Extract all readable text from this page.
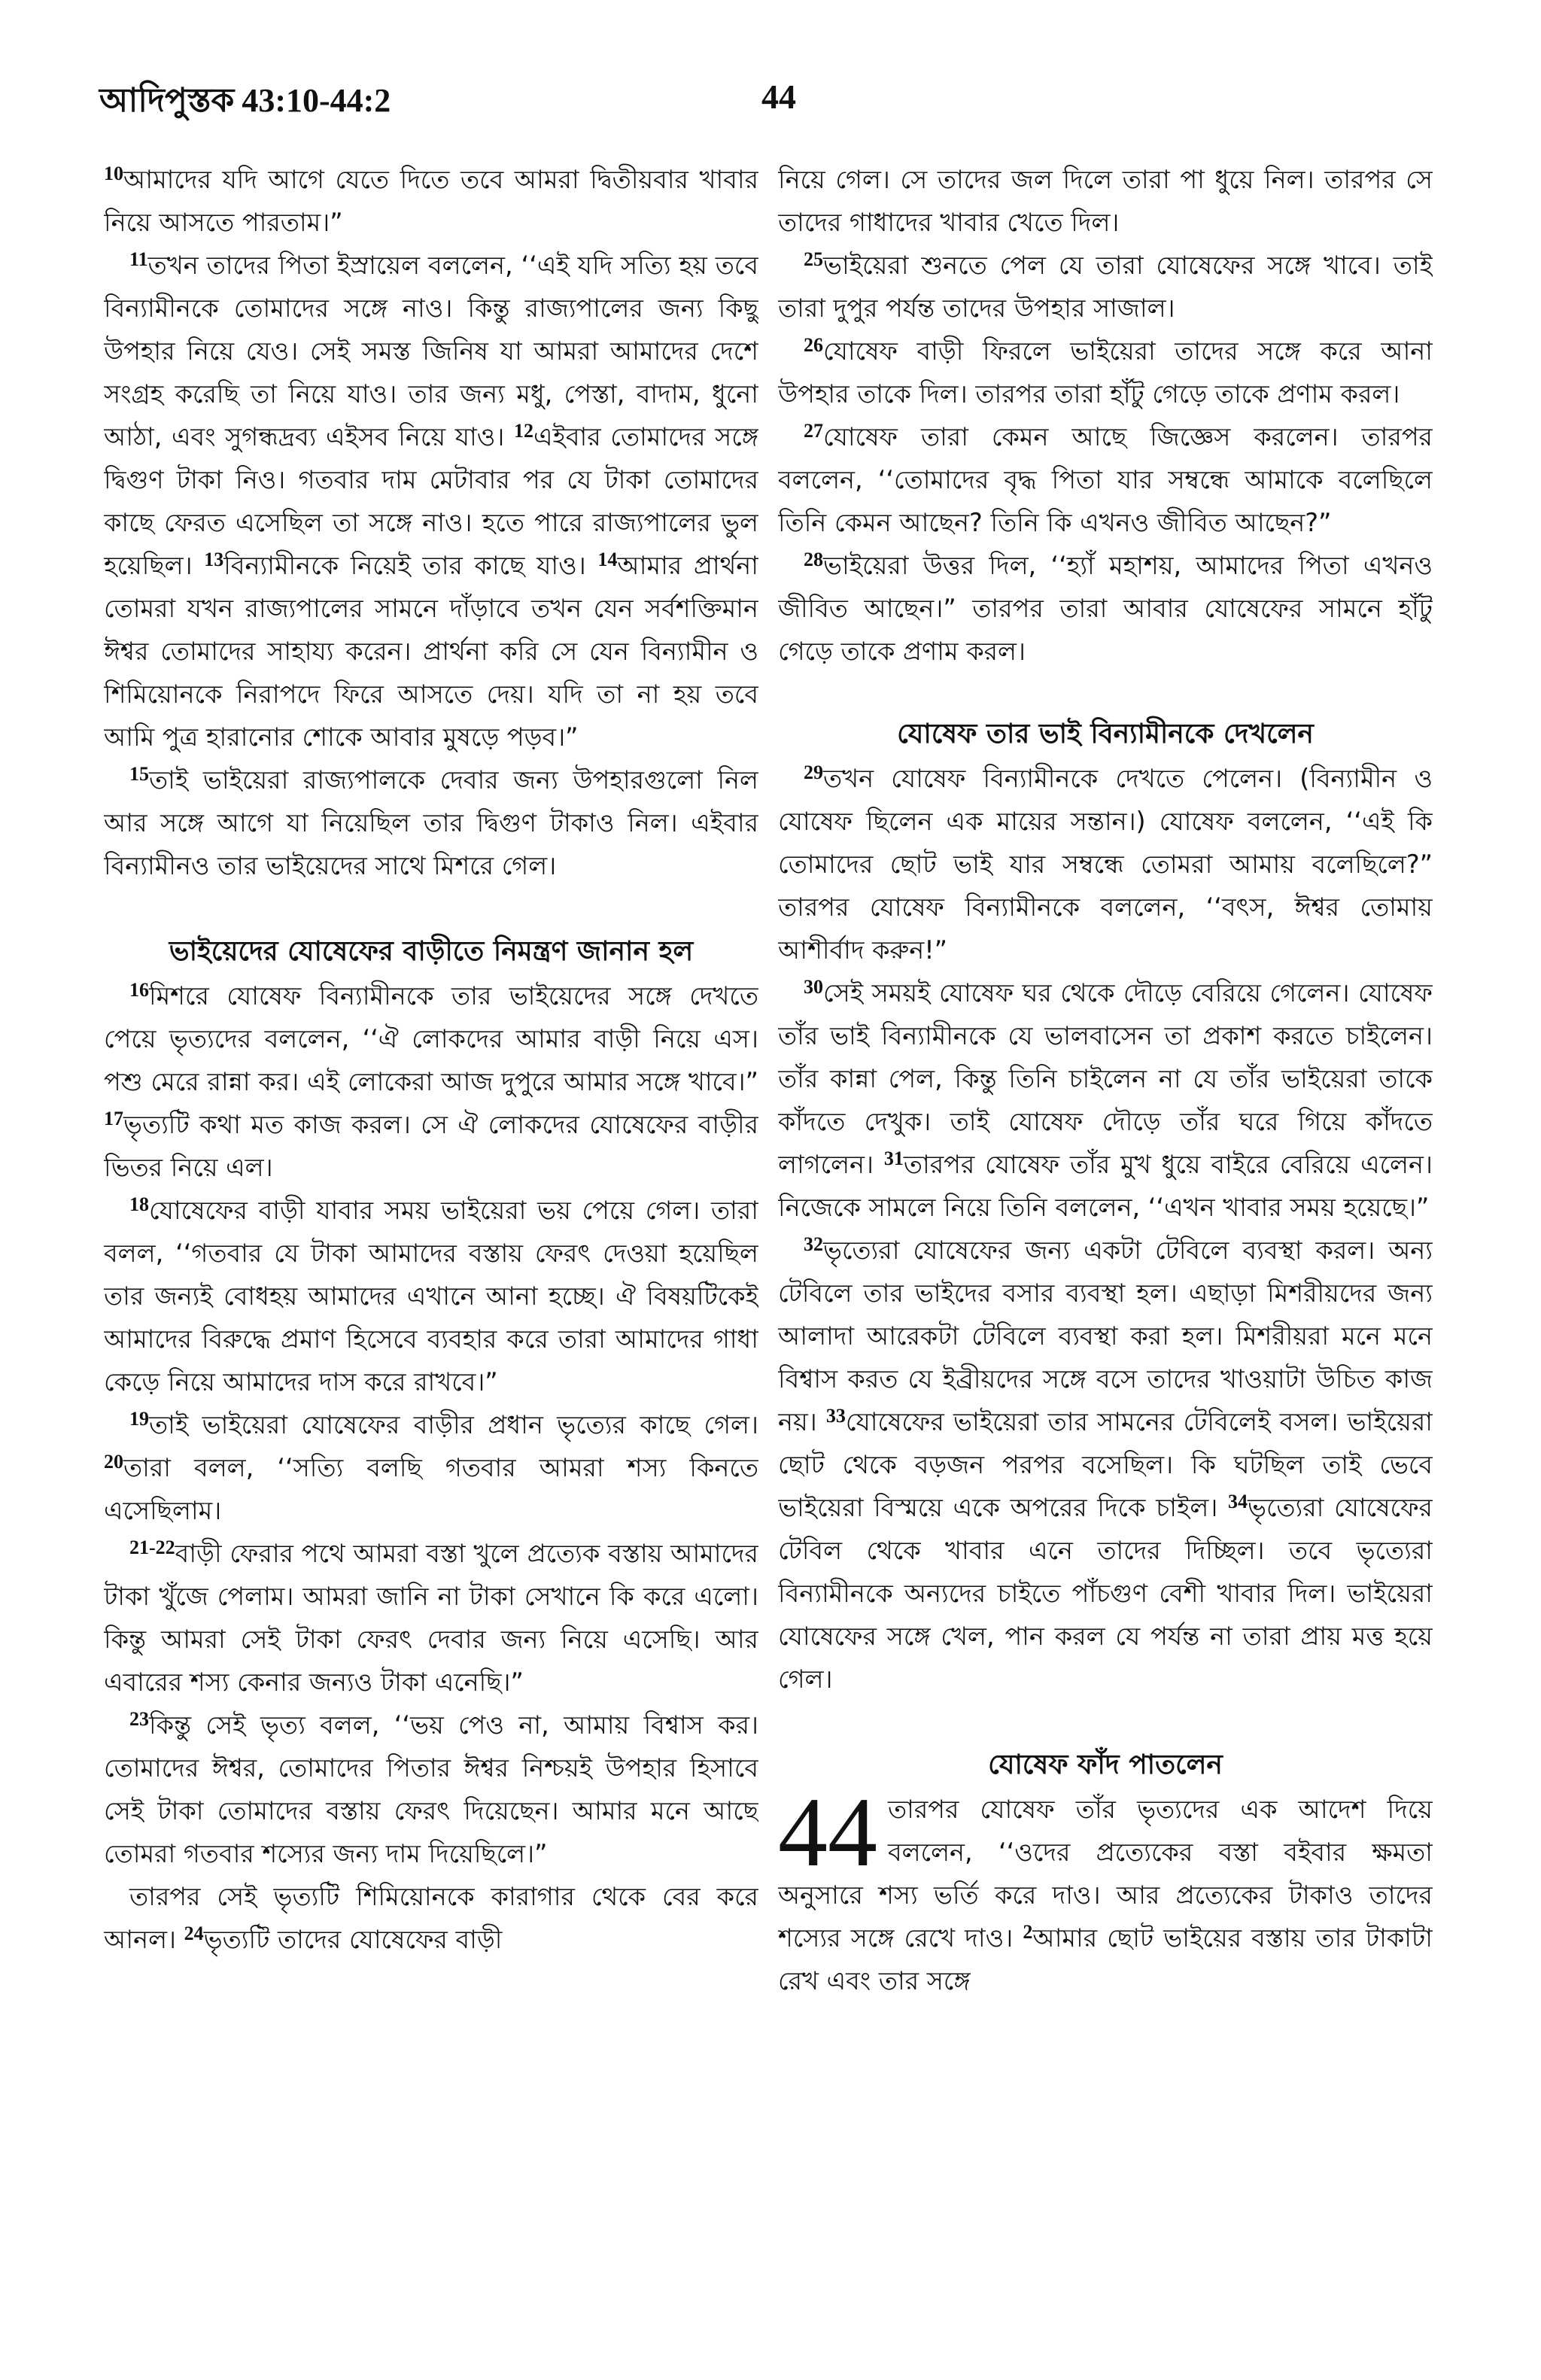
আদিপুস্তক 43:10-44:2	44

$^{10}$আমাদের যদি আগে যেতে দিতে তবে আমরা দ্বিতীয়বার খাবার নিয়ে আসতে পারতাম।”

$^{11}$তখন তাদের পিতা ইস্রায়েল বললেন, ‘‘এই যদি সত্যি হয় তবে বিন্যামীনকে তোমাদের সঙ্গে নাও। কিন্তু রাজ্যপালের জন্য কিছু উপহার নিয়ে যেও। সেই সমস্ত জিনিষ যা আমরা আমাদের দেশে সংগ্রহ করেছি তা নিয়ে যাও। তার জন্য মধু, পেস্তা, বাদাম, ধুনো আঠা, এবং সুগন্ধদ্রব্য এইসব নিয়ে যাও। $^{12}$এইবার তোমাদের সঙ্গে দ্বিগুণ টাকা নিও। গতবার দাম মেটাবার পর যে টাকা তোমাদের কাছে ফেরত এসেছিল তা সঙ্গে নাও। হতে পারে রাজ্যপালের ভুল হয়েছিল। $^{13}$বিন্যামীনকে নিয়েই তার কাছে যাও। $^{14}$আমার প্রার্থনা তোমরা যখন রাজ্যপালের সামনে দাঁড়াবে তখন যেন সর্বশক্তিমান ঈশ্বর তোমাদের সাহায্য করেন। প্রার্থনা করি সে যেন বিন্যামীন ও শিমিয়োনকে নিরাপদে ফিরে আসতে দেয়। যদি তা না হয় তবে আমি পুত্র হারানোর শোকে আবার মুষড়ে পড়ব।”

$^{15}$তাই ভাইয়েরা রাজ্যপালকে দেবার জন্য উপহারগুলো নিল আর সঙ্গে আগে যা নিয়েছিল তার দ্বিগুণ টাকাও নিল। এইবার বিন্যামীনও তার ভাইয়েদের সাথে মিশরে গেল।

ভাইয়েদের যোষেফের বাড়ীতে নিমন্ত্রণ জানান হল

$^{16}$মিশরে যোষেফ বিন্যামীনকে তার ভাইয়েদের সঙ্গে দেখতে পেয়ে ভৃত্যদের বললেন, ‘‘ঐ লোকদের আমার বাড়ী নিয়ে এস। পশু মেরে রান্না কর। এই লোকেরা আজ দুপুরে আমার সঙ্গে খাবে।” $^{17}$ভৃত্যটি কথা মত কাজ করল। সে ঐ লোকদের যোষেফের বাড়ীর ভিতর নিয়ে এল।

$^{18}$যোষেফের বাড়ী যাবার সময় ভাইয়েরা ভয় পেয়ে গেল। তারা বলল, ‘‘গতবার যে টাকা আমাদের বস্তায় ফেরৎ দেওয়া হয়েছিল তার জন্যই বোধহয় আমাদের এখানে আনা হচ্ছে। ঐ বিষয়টিকেই আমাদের বিরুদ্ধে প্রমাণ হিসেবে ব্যবহার করে তারা আমাদের গাধা কেড়ে নিয়ে আমাদের দাস করে রাখবে।”

$^{19}$তাই ভাইয়েরা যোষেফের বাড়ীর প্রধান ভৃত্যের কাছে গেল। $^{20}$তারা বলল, ‘‘সত্যি বলছি গতবার আমরা শস্য কিনতে এসেছিলাম।

$^{21-22}$বাড়ী ফেরার পথে আমরা বস্তা খুলে প্রত্যেক বস্তায় আমাদের টাকা খুঁজে পেলাম। আমরা জানি না টাকা সেখানে কি করে এলো। কিন্তু আমরা সেই টাকা ফেরৎ দেবার জন্য নিয়ে এসেছি। আর এবারের শস্য কেনার জন্যও টাকা এনেছি।”

$^{23}$কিন্তু সেই ভৃত্য বলল, ‘‘ভয় পেও না, আমায় বিশ্বাস কর। তোমাদের ঈশ্বর, তোমাদের পিতার ঈশ্বর নিশ্চয়ই উপহার হিসাবে সেই টাকা তোমাদের বস্তায় ফেরৎ দিয়েছেন। আমার মনে আছে তোমরা গতবার শস্যের জন্য দাম দিয়েছিলে।”

তারপর সেই ভৃত্যটি শিমিয়োনকে কারাগার থেকে বের করে আনল। $^{24}$ভৃত্যটি তাদের যোষেফের বাড়ী

নিয়ে গেল। সে তাদের জল দিলে তারা পা ধুয়ে নিল। তারপর সে তাদের গাধাদের খাবার খেতে দিল।

$^{25}$ভাইয়েরা শুনতে পেল যে তারা যোষেফের সঙ্গে খাবে। তাই তারা দুপুর পর্যন্ত তাদের উপহার সাজাল।

$^{26}$যোষেফ বাড়ী ফিরলে ভাইয়েরা তাদের সঙ্গে করে আনা উপহার তাকে দিল। তারপর তারা হাঁটু গেড়ে তাকে প্রণাম করল।

$^{27}$যোষেফ তারা কেমন আছে জিজ্ঞেস করলেন। তারপর বললেন, ‘‘তোমাদের বৃদ্ধ পিতা যার সম্বন্ধে আমাকে বলেছিলে তিনি কেমন আছেন? তিনি কি এখনও জীবিত আছেন?”

$^{28}$ভাইয়েরা উত্তর দিল, ‘‘হ্যাঁ মহাশয়, আমাদের পিতা এখনও জীবিত আছেন।” তারপর তারা আবার যোষেফের সামনে হাঁটু গেড়ে তাকে প্রণাম করল।

যোষেফ তার ভাই বিন্যামীনকে দেখলেন

$^{29}$তখন যোষেফ বিন্যামীনকে দেখতে পেলেন। (বিন্যামীন ও যোষেফ ছিলেন এক মায়ের সন্তান।) যোষেফ বললেন, ‘‘এই কি তোমাদের ছোট ভাই যার সম্বন্ধে তোমরা আমায় বলেছিলে?” তারপর যোষেফ বিন্যামীনকে বললেন, ‘‘বৎস, ঈশ্বর তোমায় আশীর্বাদ করুন!”

$^{30}$সেই সময়ই যোষেফ ঘর থেকে দৌড়ে বেরিয়ে গেলেন। যোষেফ তাঁর ভাই বিন্যামীনকে যে ভালবাসেন তা প্রকাশ করতে চাইলেন। তাঁর কান্না পেল, কিন্তু তিনি চাইলেন না যে তাঁর ভাইয়েরা তাকে কাঁদতে দেখুক। তাই যোষেফ দৌড়ে তাঁর ঘরে গিয়ে কাঁদতে লাগলেন। $^{31}$তারপর যোষেফ তাঁর মুখ ধুয়ে বাইরে বেরিয়ে এলেন। নিজেকে সামলে নিয়ে তিনি বললেন, ‘‘এখন খাবার সময় হয়েছে।”

$^{32}$ভৃত্যেরা যোষেফের জন্য একটা টেবিলে ব্যবস্থা করল। অন্য টেবিলে তার ভাইদের বসার ব্যবস্থা হল। এছাড়া মিশরীয়দের জন্য আলাদা আরেকটা টেবিলে ব্যবস্থা করা হল। মিশরীয়রা মনে মনে বিশ্বাস করত যে ইব্রীয়দের সঙ্গে বসে তাদের খাওয়াটা উচিত কাজ নয়। $^{33}$যোষেফের ভাইয়েরা তার সামনের টেবিলেই বসল। ভাইয়েরা ছোট থেকে বড়জন পরপর বসেছিল। কি ঘটছিল তাই ভেবে ভাইয়েরা বিস্ময়ে একে অপরের দিকে চাইল। $^{34}$ভৃত্যেরা যোষেফের টেবিল থেকে খাবার এনে তাদের দিচ্ছিল। তবে ভৃত্যেরা বিন্যামীনকে অন্যদের চাইতে পাঁচগুণ বেশী খাবার দিল। ভাইয়েরা যোষেফের সঙ্গে খেল, পান করল যে পর্যন্ত না তারা প্রায় মত্ত হয়ে গেল।

যোষেফ ফাঁদ পাতলেন

44 তারপর যোষেফ তাঁর ভৃত্যদের এক আদেশ দিয়ে বললেন, ‘‘ওদের প্রত্যেকের বস্তা বইবার ক্ষমতা অনুসারে শস্য ভর্তি করে দাও। আর প্রত্যেকের টাকাও তাদের শস্যের সঙ্গে রেখে দাও। $^2$আমার ছোট ভাইয়ের বস্তায় তার টাকাটা রেখ এবং তার সঙ্গে
